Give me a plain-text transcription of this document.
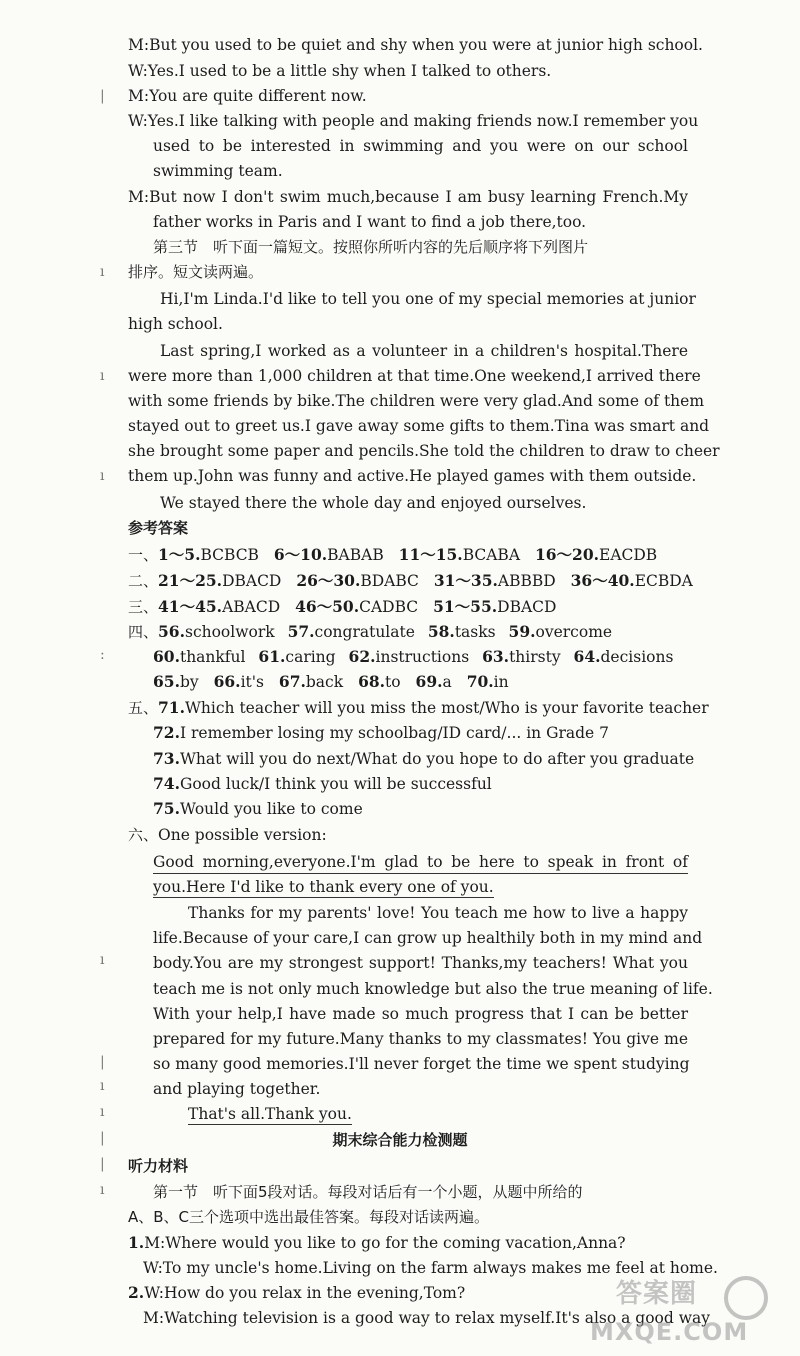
|
ı
ı
ı
:
ı
|
ı
ı
|
|
ı
M:But you used to be quiet and shy when you were at junior high school.
W:Yes.I used to be a little shy when I talked to others.
M:You are quite different now.
W:Yes.I like talking with people and making friends now.I remember you
used to be interested in swimming and you were on our school
swimming team.
M:But now I don't swim much,because I am busy learning French.My
father works in Paris and I want to find a job there,too.
第三节　听下面一篇短文。按照你所听内容的先后顺序将下列图片
排序。短文读两遍。
Hi,I'm Linda.I'd like to tell you one of my special memories at junior
high school.
Last spring,I worked as a volunteer in a children's hospital.There
were more than 1,000 children at that time.One weekend,I arrived there
with some friends by bike.The children were very glad.And some of them
stayed out to greet us.I gave away some gifts to them.Tina was smart and
she brought some paper and pencils.She told the children to draw to cheer
them up.John was funny and active.He played games with them outside.
We stayed there the whole day and enjoyed ourselves.
参考答案
一、1～5.BCBCB 6～10.BABAB 11～15.BCABA 16～20.EACDB
二、21～25.DBACD 26～30.BDABC 31～35.ABBBD 36～40.ECBDA
三、41～45.ABACD 46～50.CADBC 51～55.DBACD
四、56.schoolwork 57.congratulate 58.tasks 59.overcome
60.thankful 61.caring 62.instructions 63.thirsty 64.decisions
65.by 66.it's 67.back 68.to 69.a 70.in
五、71.Which teacher will you miss the most/Who is your favorite teacher
72.I remember losing my schoolbag/ID card/... in Grade 7
73.What will you do next/What do you hope to do after you graduate
74.Good luck/I think you will be successful
75.Would you like to come
六、One possible version:
Good morning,everyone.I'm glad to be here to speak in front of
you.Here I'd like to thank every one of you.
Thanks for my parents' love! You teach me how to live a happy
life.Because of your care,I can grow up healthily both in my mind and
body.You are my strongest support! Thanks,my teachers! What you
teach me is not only much knowledge but also the true meaning of life.
With your help,I have made so much progress that I can be better
prepared for my future.Many thanks to my classmates! You give me
so many good memories.I'll never forget the time we spent studying
and playing together.
That's all.Thank you.
期末综合能力检测题
听力材料
第一节　听下面5段对话。每段对话后有一个小题，从题中所给的
A、B、C三个选项中选出最佳答案。每段对话读两遍。
1.M:Where would you like to go for the coming vacation,Anna?
W:To my uncle's home.Living on the farm always makes me feel at home.
2.W:How do you relax in the evening,Tom?
M:Watching television is a good way to relax myself.It's also a good way
答案圈
MXQE.COM
